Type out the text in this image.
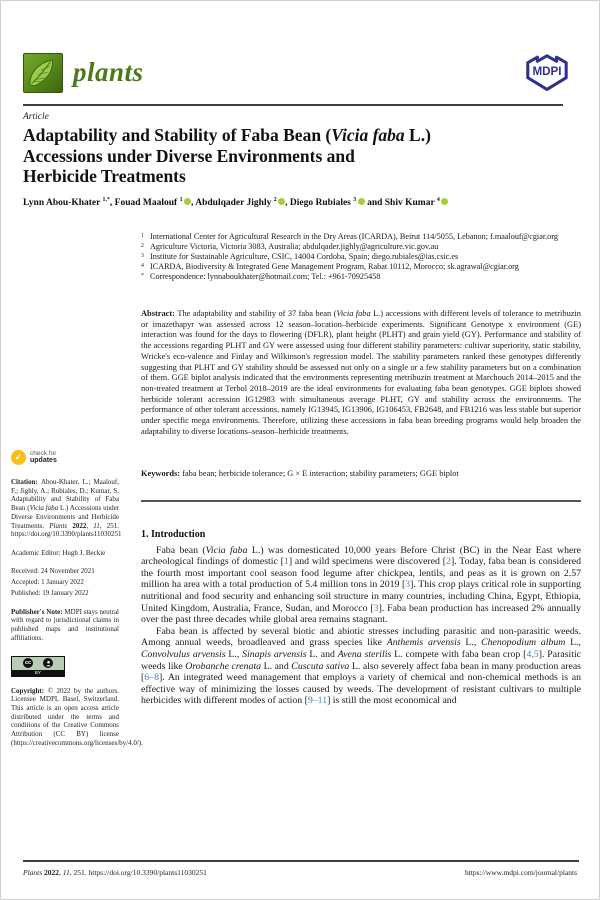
plants	MDPI
Article
Adaptability and Stability of Faba Bean (Vicia faba L.)
Accessions under Diverse Environments and
Herbicide Treatments
Lynn Abou-Khater $^{1,*}$, Fouad Maalouf $^1$ , Abdulqader Jighly $^2$ , Diego Rubiales $^3$ and Shiv Kumar $^4$
✓
check for
updates

Citation: Abou-Khater, L.; Maalouf, F.; Jighly, A.; Rubiales, D.; Kumar, S. Adaptability and Stability of Faba Bean (Vicia faba L.) Accessions under Diverse Environments and Herbicide Treatments. Plants 2022, 11, 251. https://doi.org/10.3390/plants11030251

Academic Editor: Hugh J. Beckie

Received: 24 November 2021
Accepted: 1 January 2022
Published: 19 January 2022

Publisher's Note: MDPI stays neutral with regard to jurisdictional claims in published maps and institutional affiliations.

cc
BY

Copyright: © 2022 by the authors. Licensee MDPI, Basel, Switzerland. This article is an open access article distributed under the terms and conditions of the Creative Commons Attribution (CC BY) license (https://creativecommons.org/licenses/by/4.0/).

1 International Center for Agricultural Research in the Dry Areas (ICARDA), Beirut 114/5055, Lebanon; f.maalouf@cgiar.org
2 Agriculture Victoria, Victoria 3083, Australia; abdulqader.jighly@agriculture.vic.gov.au
3 Institute for Sustainable Agriculture, CSIC, 14004 Cordoba, Spain; diego.rubiales@ias.csic.es
4 ICARDA, Biodiversity & Integrated Gene Management Program, Rabat 10112, Morocco; sk.agrawal@cgiar.org
* Correspondence: lynnaboukhater@hotmail.com; Tel.: +961-70925458

Abstract: The adaptability and stability of 37 faba bean (Vicia faba L.) accessions with different levels of tolerance to metribuzin or imazethapyr was assessed across 12 season–location–herbicide experiments. Significant Genotype x environment (GE) interaction was found for the days to flowering (DFLR), plant height (PLHT) and grain yield (GY). Performance and stability of the accessions regarding PLHT and GY were assessed using four different stability parameters: cultivar superiority, static stability, Wricke's eco-valence and Finlay and Wilkinson's regression model. The stability parameters ranked these genotypes differently suggesting that PLHT and GY stability should be assessed not only on a single or a few stability parameters but on a combination of them. GGE biplot analysis indicated that the environments representing metribuzin treatment at Marchouch 2014–2015 and the non-treated treatment at Terbol 2018–2019 are the ideal environments for evaluating faba bean genotypes. GGE biplots showed herbicide tolerant accession IG12983 with simultaneous average PLHT, GY and stability across the environments. The performance of other tolerant accessions, namely IG13945, IG13906, IG106453, FB2648, and FB1216 was less stable but superior under specific mega environments. Therefore, utilizing these accessions in faba bean breeding programs would help broaden the adaptability to diverse locations–season–herbicide treatments.

Keywords: faba bean; herbicide tolerance; G × E interaction; stability parameters; GGE biplot

1. Introduction

Faba bean (Vicia faba L.) was domesticated 10,000 years Before Christ (BC) in the Near East where archeological findings of domestic [1] and wild specimens were discovered [2]. Today, faba bean is considered the fourth most important cool season food legume after chickpea, lentils, and peas as it is grown on 2.57 million ha area with a total production of 5.4 million tons in 2019 [3]. This crop plays critical role in supporting nutritional and food security and enhancing soil structure in many countries, including China, Egypt, Ethiopia, United Kingdom, Australia, France, Sudan, and Morocco [3]. Faba bean production has increased 2% annually over the past three decades while global area remains stagnant.

Faba bean is affected by several biotic and abiotic stresses including parasitic and non-parasitic weeds. Among annual weeds, broadleaved and grass species like Anthemis arvensis L., Chenopodium album L., Convolvulus arvensis L., Sinapis arvensis L. and Avena sterilis L. compete with faba bean crop [4,5]. Parasitic weeds like Orobanche crenata L. and Cuscuta sativa L. also severely affect faba bean in many production areas [6–8]. An integrated weed management that employs a variety of chemical and non-chemical methods is an effective way of minimizing the losses caused by weeds. The development of resistant cultivars to multiple herbicides with different modes of action [9–11] is still the most economical and

Plants 2022, 11, 251. https://doi.org/10.3390/plants11030251	https://www.mdpi.com/journal/plants
